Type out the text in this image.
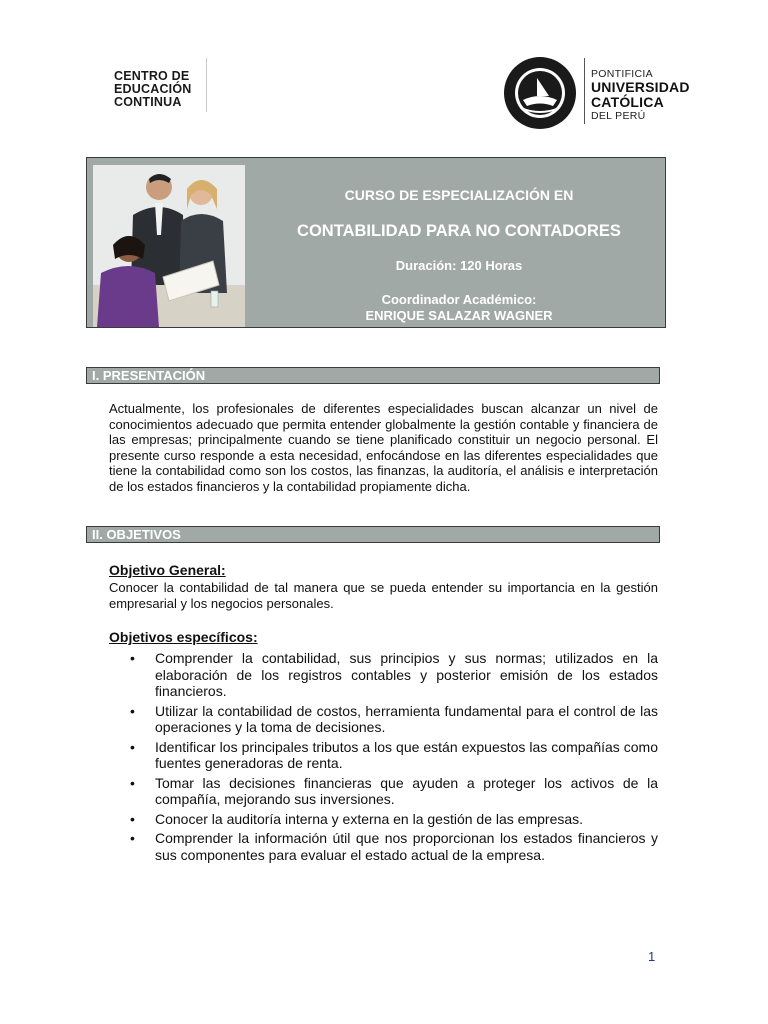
CENTRO DE
EDUCACIÓN
CONTINUA
PONTIFICIA
UNIVERSIDAD
CATÓLICA
DEL PERÚ
CURSO DE ESPECIALIZACIÓN EN
CONTABILIDAD PARA NO CONTADORES
Duración: 120 Horas
Coordinador Académico:
ENRIQUE SALAZAR WAGNER
I. PRESENTACIÓN
Actualmente, los profesionales de diferentes especialidades buscan alcanzar un nivel de conocimientos adecuado que permita entender globalmente la gestión contable y financiera de las empresas; principalmente cuando se tiene planificado constituir un negocio personal. El presente curso responde a esta necesidad, enfocándose en las diferentes especialidades que tiene la contabilidad como son los costos, las finanzas, la auditoría, el análisis e interpretación de los estados financieros y la contabilidad propiamente dicha.
II. OBJETIVOS
Objetivo General:
Conocer la contabilidad de tal manera que se pueda entender su importancia en la gestión empresarial y los negocios personales.
Objetivos específicos:
• Comprender la contabilidad, sus principios y sus normas; utilizados en la elaboración de los registros contables y posterior emisión de los estados financieros.
• Utilizar la contabilidad de costos, herramienta fundamental para el control de las operaciones y la toma de decisiones.
• Identificar los principales tributos a los que están expuestos las compañías como fuentes generadoras de renta.
• Tomar las decisiones financieras que ayuden a proteger los activos de la compañía, mejorando sus inversiones.
• Conocer la auditoría interna y externa en la gestión de las empresas.
• Comprender la información útil que nos proporcionan los estados financieros y sus componentes para evaluar el estado actual de la empresa.
1
